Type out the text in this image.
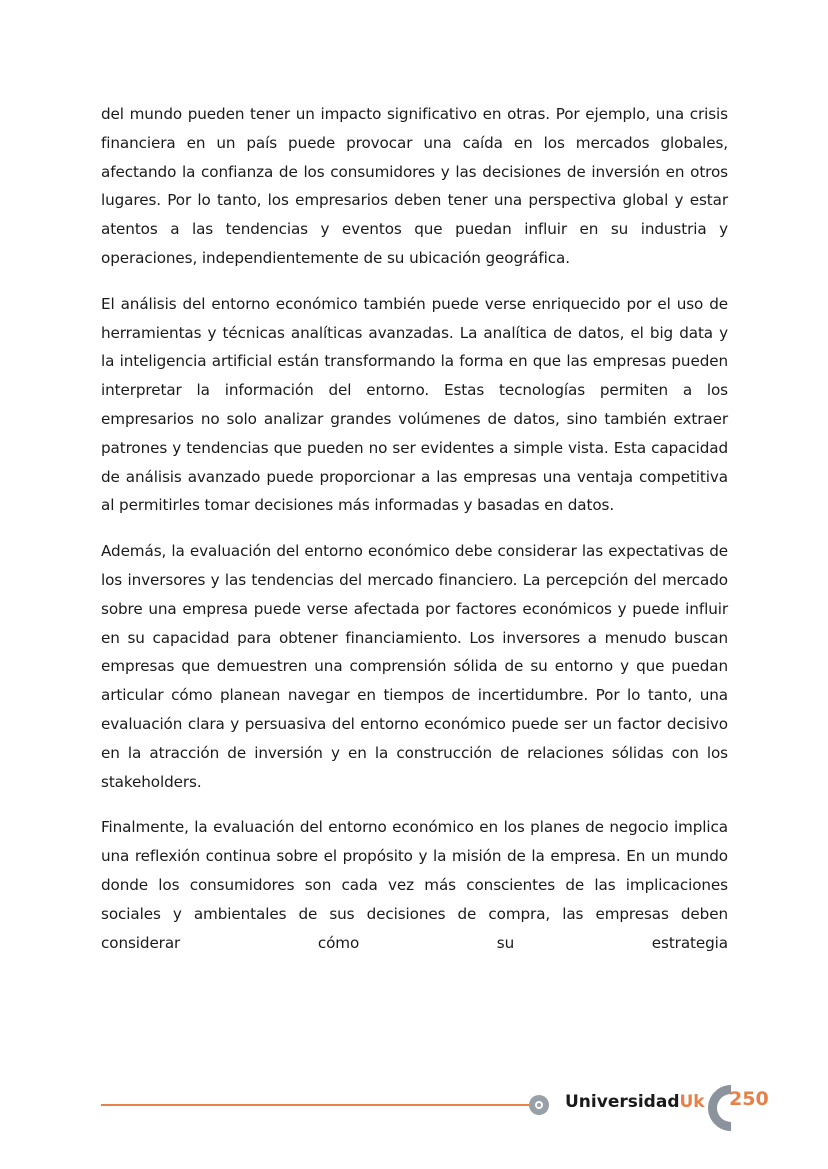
del mundo pueden tener un impacto significativo en otras. Por ejemplo, una crisis financiera en un país puede provocar una caída en los mercados globales, afectando la confianza de los consumidores y las decisiones de inversión en otros lugares. Por lo tanto, los empresarios deben tener una perspectiva global y estar atentos a las tendencias y eventos que puedan influir en su industria y operaciones, independientemente de su ubicación geográfica.

El análisis del entorno económico también puede verse enriquecido por el uso de herramientas y técnicas analíticas avanzadas. La analítica de datos, el big data y la inteligencia artificial están transformando la forma en que las empresas pueden interpretar la información del entorno. Estas tecnologías permiten a los empresarios no solo analizar grandes volúmenes de datos, sino también extraer patrones y tendencias que pueden no ser evidentes a simple vista. Esta capacidad de análisis avanzado puede proporcionar a las empresas una ventaja competitiva al permitirles tomar decisiones más informadas y basadas en datos.

Además, la evaluación del entorno económico debe considerar las expectativas de los inversores y las tendencias del mercado financiero. La percepción del mercado sobre una empresa puede verse afectada por factores económicos y puede influir en su capacidad para obtener financiamiento. Los inversores a menudo buscan empresas que demuestren una comprensión sólida de su entorno y que puedan articular cómo planean navegar en tiempos de incertidumbre. Por lo tanto, una evaluación clara y persuasiva del entorno económico puede ser un factor decisivo en la atracción de inversión y en la construcción de relaciones sólidas con los stakeholders.

Finalmente, la evaluación del entorno económico en los planes de negocio implica una reflexión continua sobre el propósito y la misión de la empresa. En un mundo donde los consumidores son cada vez más conscientes de las implicaciones sociales y ambientales de sus decisiones de compra, las empresas deben considerar cómo su estrategia

UniversidadUk 250
